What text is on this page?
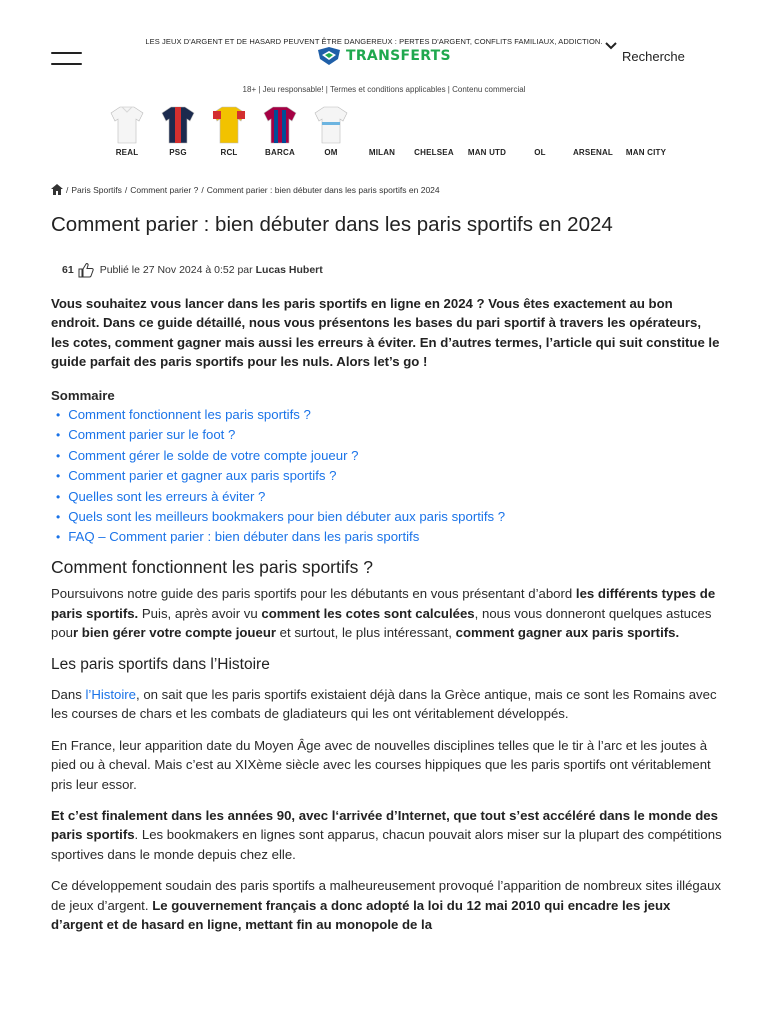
LES JEUX D'ARGENT ET DE HASARD PEUVENT ÊTRE DANGEREUX : PERTES D'ARGENT, CONFLITS FAMILIAUX, ADDICTION.
TRANSFERTS	Recherche
18+ | Jeu responsable! | Termes et conditions applicables | Contenu commercial
REAL	PSG	RCL	BARCA	OM	MILAN	CHELSEA	MAN UTD	OL	ARSENAL	MAN CITY
/ Paris Sportifs / Comment parier ? / Comment parier : bien débuter dans les paris sportifs en 2024
Comment parier : bien débuter dans les paris sportifs en 2024
61 Publié le 27 Nov 2024 à 0:52 par Lucas Hubert

Vous souhaitez vous lancer dans les paris sportifs en ligne en 2024 ? Vous êtes exactement au bon endroit. Dans ce guide détaillé, nous vous présentons les bases du pari sportif à travers les opérateurs, les cotes, comment gagner mais aussi les erreurs à éviter. En d’autres termes, l’article qui suit constitue le guide parfait des paris sportifs pour les nuls. Alors let’s go !

Sommaire
• Comment fonctionnent les paris sportifs ?
• Comment parier sur le foot ?
• Comment gérer le solde de votre compte joueur ?
• Comment parier et gagner aux paris sportifs ?
• Quelles sont les erreurs à éviter ?
• Quels sont les meilleurs bookmakers pour bien débuter aux paris sportifs ?
• FAQ – Comment parier : bien débuter dans les paris sportifs
Comment fonctionnent les paris sportifs ?

Poursuivons notre guide des paris sportifs pour les débutants en vous présentant d’abord les différents types de paris sportifs. Puis, après avoir vu comment les cotes sont calculées, nous vous donneront quelques astuces pour bien gérer votre compte joueur et surtout, le plus intéressant, comment gagner aux paris sportifs.

Les paris sportifs dans l’Histoire

Dans l’Histoire, on sait que les paris sportifs existaient déjà dans la Grèce antique, mais ce sont les Romains avec les courses de chars et les combats de gladiateurs qui les ont véritablement développés.

En France, leur apparition date du Moyen Âge avec de nouvelles disciplines telles que le tir à l’arc et les joutes à pied ou à cheval. Mais c’est au XIXème siècle avec les courses hippiques que les paris sportifs ont véritablement pris leur essor.

Et c’est finalement dans les années 90, avec l‘arrivée d’Internet, que tout s’est accéléré dans le monde des paris sportifs. Les bookmakers en lignes sont apparus, chacun pouvait alors miser sur la plupart des compétitions sportives dans le monde depuis chez elle.

Ce développement soudain des paris sportifs a malheureusement provoqué l’apparition de nombreux sites illégaux de jeux d’argent. Le gouvernement français a donc adopté la loi du 12 mai 2010 qui encadre les jeux d’argent et de hasard en ligne, mettant fin au monopole de la
